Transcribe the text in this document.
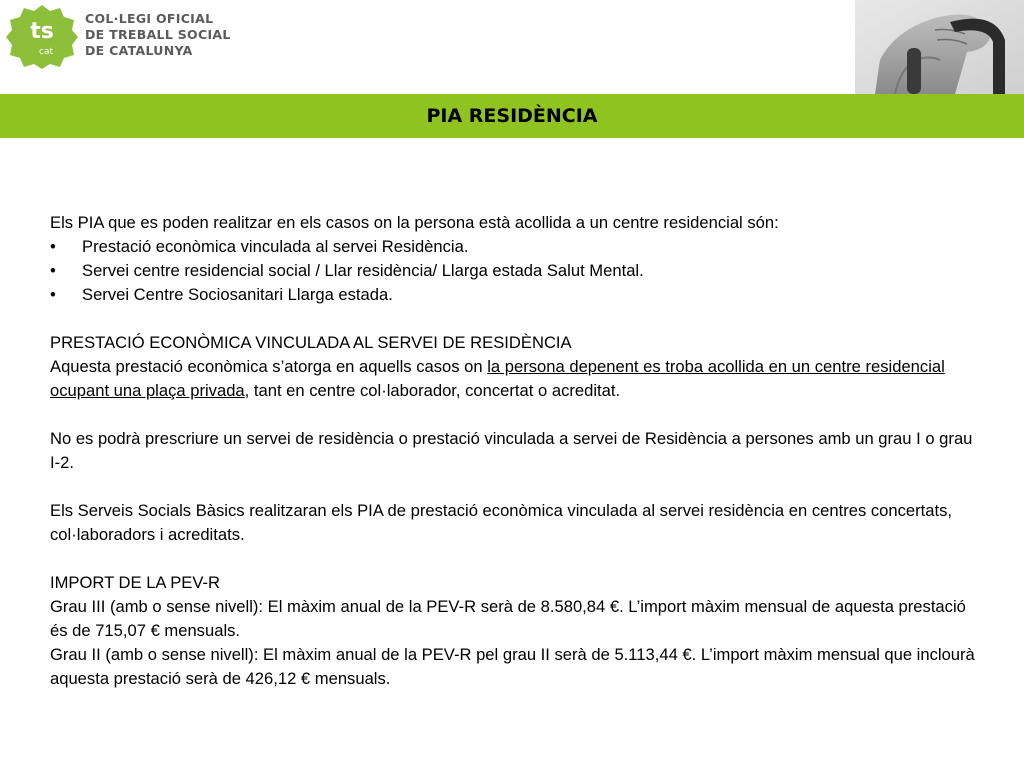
ts
cat
COL·LEGI OFICIAL
DE TREBALL SOCIAL
DE CATALUNYA
PIA RESIDÈNCIA

Els PIA que es poden realitzar en els casos on la persona està acollida a un centre residencial són:

• Prestació econòmica vinculada al servei Residència.
• Servei centre residencial social / Llar residència/ Llarga estada Salut Mental.
• Servei Centre Sociosanitari Llarga estada.

PRESTACIÓ ECONÒMICA VINCULADA AL SERVEI DE RESIDÈNCIA

Aquesta prestació econòmica s’atorga en aquells casos on la persona depenent es troba acollida en un centre residencial ocupant una plaça privada, tant en centre col·laborador, concertat o acreditat.

No es podrà prescriure un servei de residència o prestació vinculada a servei de Residència a persones amb un grau I o grau I-2.

Els Serveis Socials Bàsics realitzaran els PIA de prestació econòmica vinculada al servei residència en centres concertats, col·laboradors i acreditats.

IMPORT DE LA PEV-R

Grau III (amb o sense nivell): El màxim anual de la PEV-R serà de 8.580,84 €. L’import màxim mensual de aquesta prestació és de 715,07 € mensuals.

Grau II (amb o sense nivell): El màxim anual de la PEV-R pel grau II serà de 5.113,44 €. L’import màxim mensual que inclourà aquesta prestació serà de 426,12 € mensuals.
